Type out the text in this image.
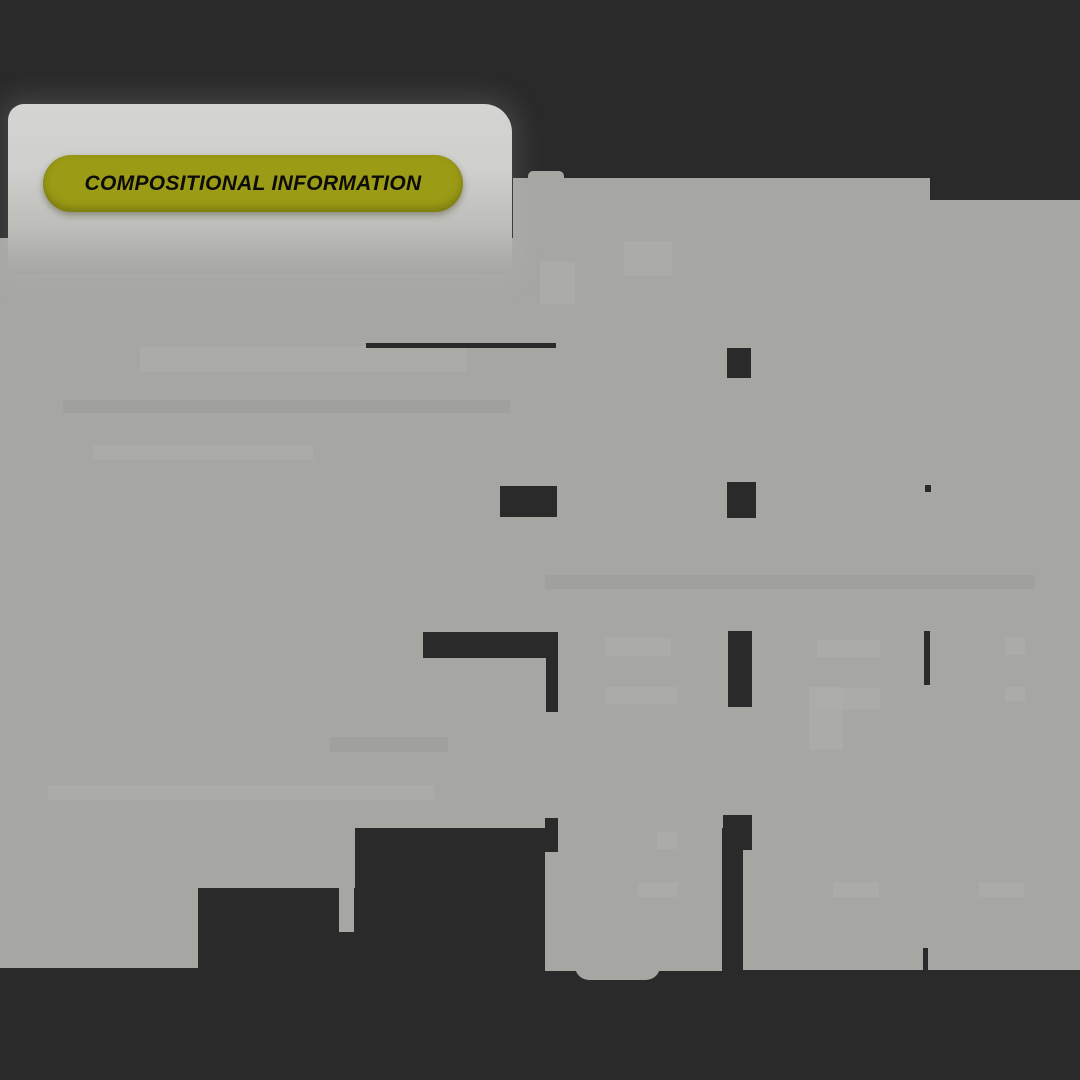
COMPOSITIONAL INFORMATION
